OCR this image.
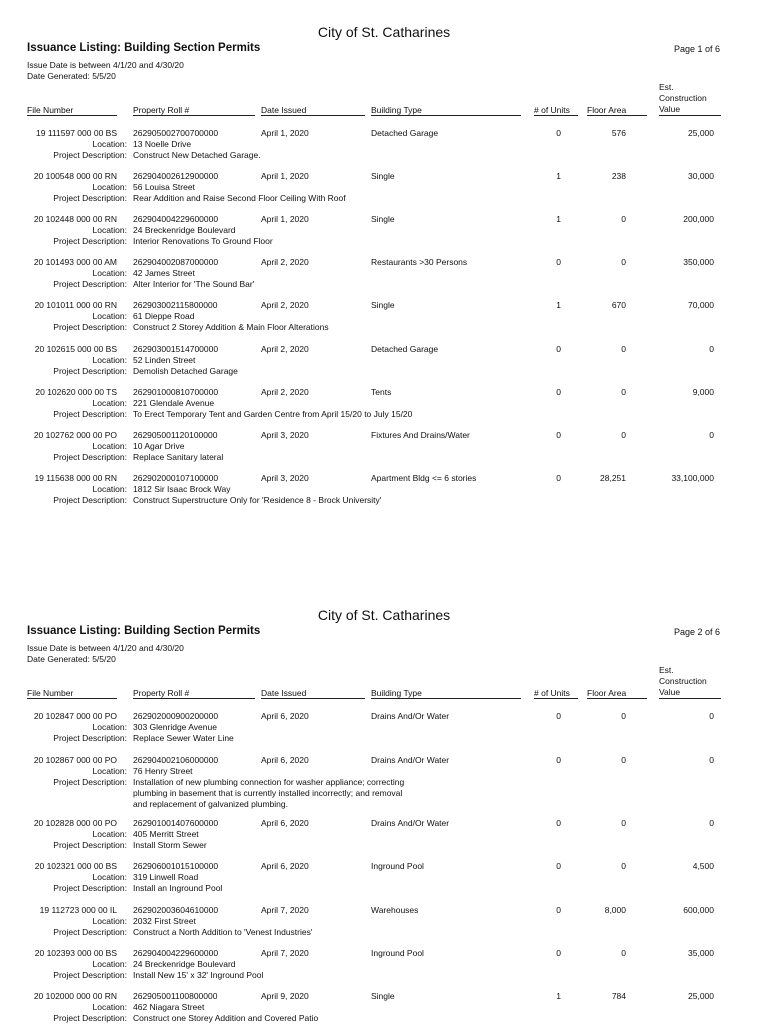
City of St. Catharines
Issuance Listing: Building Section Permits	Page 1 of 6
Issue Date is between 4/1/20 and 4/30/20
Date Generated: 5/5/20
File Number	Property Roll #	Date Issued	Building Type	# of Units Floor Area
Est.
Construction
Value
19 111597 000 00 BS 262905002700700000	April 1, 2020	Detached Garage	0	576	25,000
Location: 13 Noelle Drive
Project Description: Construct New Detached Garage.
20 100548 000 00 RN 262904002612900000	April 1, 2020	Single	1	238	30,000
Location: 56 Louisa Street
Project Description: Rear Addition and Raise Second Floor Ceiling With Roof
20 102448 000 00 RN 262904004229600000	April 1, 2020	Single	1	0	200,000
Location: 24 Breckenridge Boulevard
Project Description: Interior Renovations To Ground Floor
20 101493 000 00 AM 262904002087000000	April 2, 2020	Restaurants >30 Persons	0	0	350,000
Location: 42 James Street
Project Description: Alter Interior for 'The Sound Bar'
20 101011 000 00 RN 262903002115800000	April 2, 2020	Single	1	670	70,000
Location: 61 Dieppe Road
Project Description: Construct 2 Storey Addition & Main Floor Alterations
20 102615 000 00 BS 262903001514700000	April 2, 2020	Detached Garage	0	0	0
Location: 52 Linden Street
Project Description: Demolish Detached Garage
20 102620 000 00 TS 262901000810700000	April 2, 2020	Tents	0	0	9,000
Location: 221 Glendale Avenue
Project Description: To Erect Temporary Tent and Garden Centre from April 15/20 to July 15/20
20 102762 000 00 PO 262905001120100000	April 3, 2020	Fixtures And Drains/Water	0	0	0
Location: 10 Agar Drive
Project Description: Replace Sanitary lateral
19 115638 000 00 RN 262902000107100000	April 3, 2020	Apartment Bldg <= 6 stories	0	28,251	33,100,000
Location: 1812 Sir Isaac Brock Way
Project Description: Construct Superstructure Only for 'Residence 8 - Brock University'
City of St. Catharines
Issuance Listing: Building Section Permits	Page 2 of 6
Issue Date is between 4/1/20 and 4/30/20
Date Generated: 5/5/20
File Number	Property Roll #	Date Issued	Building Type	# of Units Floor Area
Est.
Construction
Value
20 102847 000 00 PO 262902000900200000	April 6, 2020	Drains And/Or Water	0	0	0
Location: 303 Glenridge Avenue
Project Description: Replace Sewer Water Line
20 102867 000 00 PO 262904002106000000	April 6, 2020	Drains And/Or Water	0	0	0
Location: 76 Henry Street
Project Description: Installation of new plumbing connection for washer appliance; correcting
plumbing in basement that is currently installed incorrectly; and removal
and replacement of galvanized plumbing.
20 102828 000 00 PO 262901001407600000	April 6, 2020	Drains And/Or Water	0	0	0
Location: 405 Merritt Street
Project Description: Install Storm Sewer
20 102321 000 00 BS 262906001015100000	April 6, 2020	Inground Pool	0	0	4,500
Location: 319 Linwell Road
Project Description: Install an Inground Pool
19 112723 000 00 IL 262902003604610000	April 7, 2020	Warehouses	0	8,000	600,000
Location: 2032 First Street
Project Description: Construct a North Addition to 'Venest Industries'
20 102393 000 00 BS 262904004229600000	April 7, 2020	Inground Pool	0	0	35,000
Location: 24 Breckenridge Boulevard
Project Description: Install New 15' x 32' Inground Pool
20 102000 000 00 RN 262905001100800000	April 9, 2020	Single	1	784	25,000
Location: 462 Niagara Street
Project Description: Construct one Storey Addition and Covered Patio
